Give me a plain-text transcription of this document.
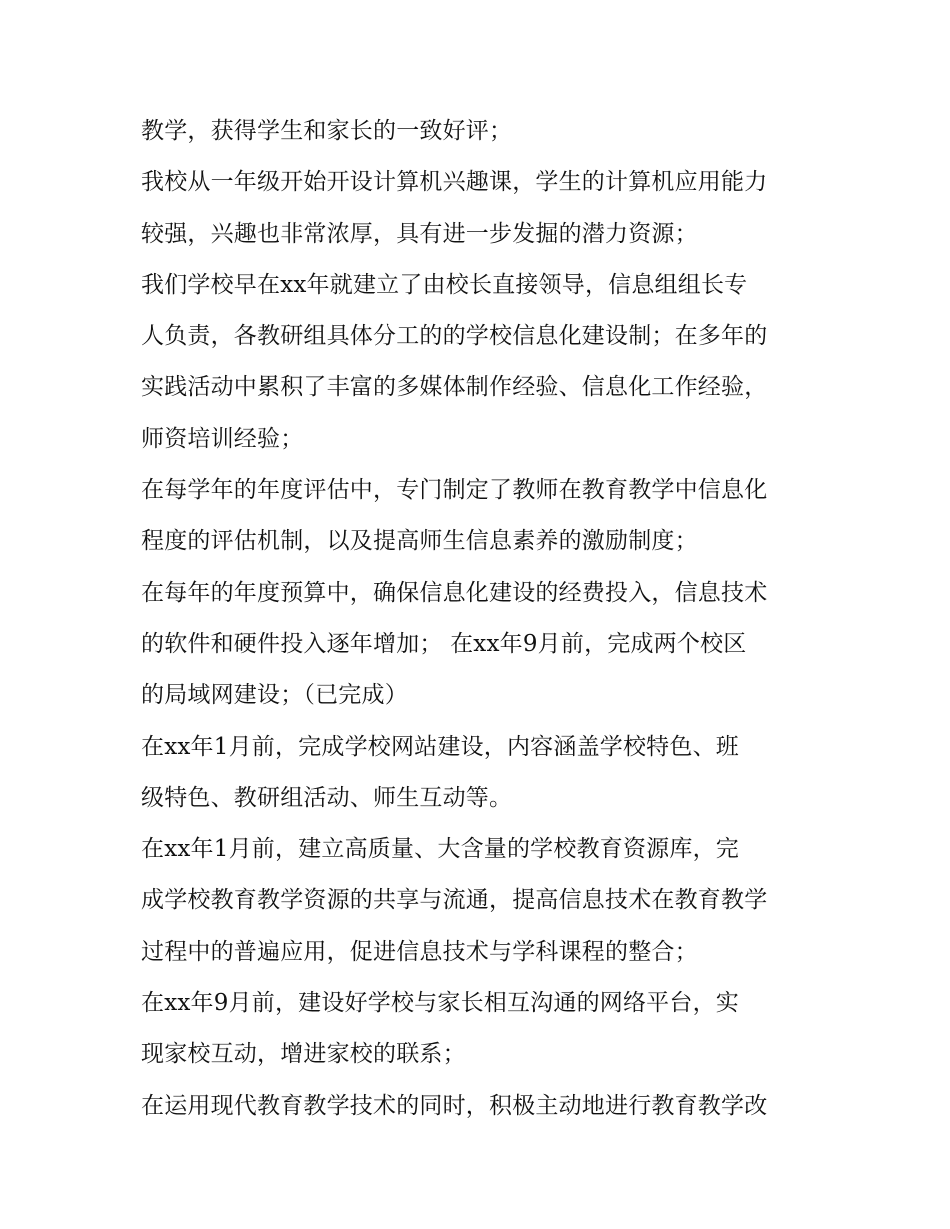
教学，获得学生和家长的一致好评；
我校从一年级开始开设计算机兴趣课，学生的计算机应用能力
较强，兴趣也非常浓厚，具有进一步发掘的潜力资源；
我们学校早在xx年就建立了由校长直接领导，信息组组长专
人负责，各教研组具体分工的的学校信息化建设制；在多年的
实践活动中累积了丰富的多媒体制作经验、信息化工作经验，
师资培训经验；
在每学年的年度评估中，专门制定了教师在教育教学中信息化
程度的评估机制，以及提高师生信息素养的激励制度；
在每年的年度预算中，确保信息化建设的经费投入，信息技术
的软件和硬件投入逐年增加； 在xx年9月前，完成两个校区
的局域网建设；（已完成）
在xx年1月前，完成学校网站建设，内容涵盖学校特色、班
级特色、教研组活动、师生互动等。
在xx年1月前，建立高质量、大含量的学校教育资源库，完
成学校教育教学资源的共享与流通，提高信息技术在教育教学
过程中的普遍应用，促进信息技术与学科课程的整合；
在xx年9月前，建设好学校与家长相互沟通的网络平台，实
现家校互动，增进家校的联系；
在运用现代教育教学技术的同时，积极主动地进行教育教学改
